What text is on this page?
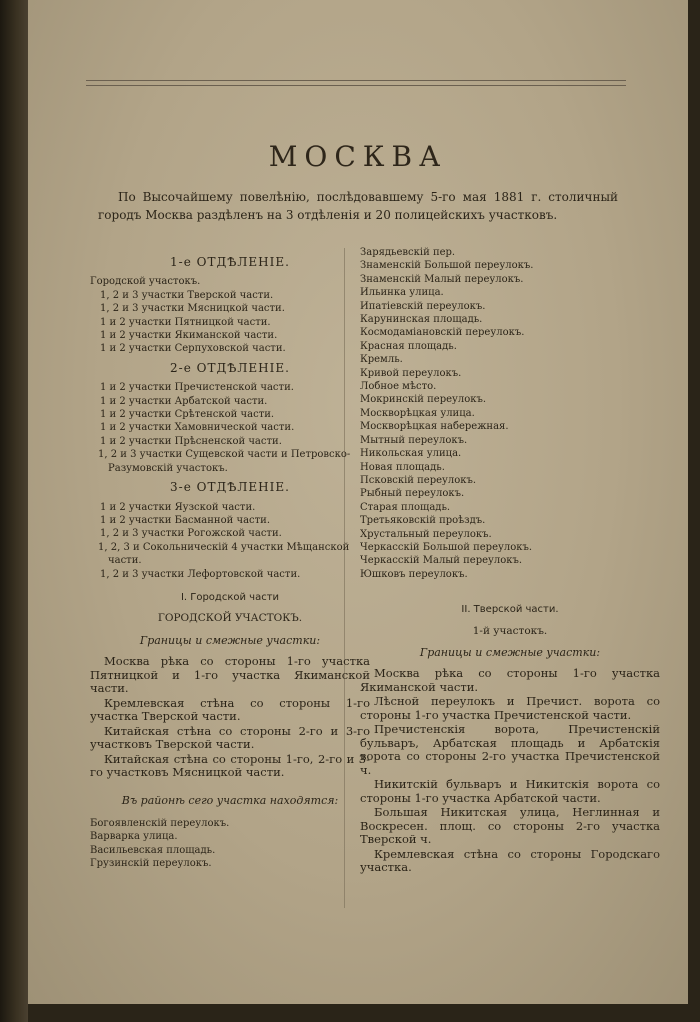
МОСКВА
По Высочайшему повелѣнію, послѣдовавшему 5-го мая 1881 г. столичный городъ Москва раздѣленъ на 3 отдѣленія и 20 полицейскихъ участковъ.
1-е ОТДѢЛЕНІЕ.
Городской участокъ.
1, 2 и 3 участки Тверской части.
1, 2 и 3 участки Мясницкой части.
1 и 2 участки Пятницкой части.
1 и 2 участки Якиманской части.
1 и 2 участки Серпуховской части.
2-е ОТДѢЛЕНІЕ.
1 и 2 участки Пречистенской части.
1 и 2 участки Арбатской части.
1 и 2 участки Срѣтенской части.
1 и 2 участки Хамовнической части.
1 и 2 участки Прѣсненской части.
1, 2 и 3 участки Сущевской части и Петровско-Разумовскій участокъ.
3-е ОТДѢЛЕНІЕ.
1 и 2 участки Яузской части.
1 и 2 участки Басманной части.
1, 2 и 3 участки Рогожской части.
1, 2, 3 и Сокольническій 4 участки Мѣщанской части.
1, 2 и 3 участки Лефортовской части.
I. Городской части
ГОРОДСКОЙ УЧАСТОКЪ.
Границы и смежные участки:

Москва рѣка со стороны 1-го участка Пятницкой и 1-го участка Якиманской части.

Кремлевская стѣна со стороны 1-го участка Тверской части.

Китайская стѣна со стороны 2-го и 3-го участковъ Тверской части.

Китайская стѣна со стороны 1-го, 2-го и 3-го участковъ Мясницкой части.

Въ районѣ сего участка находятся:
Богоявленскій переулокъ.
Варварка улица.
Васильевская площадь.
Грузинскій переулокъ.
Зарядьевскій пер.
Знаменскій Большой переулокъ.
Знаменскій Малый переулокъ.
Ильинка улица.
Ипатіевскій переулокъ.
Карунинская площадь.
Космодаміановскій переулокъ.
Красная площадь.
Кремль.
Кривой переулокъ.
Лобное мѣсто.
Мокринскій переулокъ.
Москворѣцкая улица.
Москворѣцкая набережная.
Мытный переулокъ.
Никольская улица.
Новая площадь.
Псковскій переулокъ.
Рыбный переулокъ.
Старая площадь.
Третьяковскій проѣздъ.
Хрустальный переулокъ.
Черкасскій Большой переулокъ.
Черкасскій Малый переулокъ.
Юшковъ переулокъ.
II. Тверской части.
1-й участокъ.
Границы и смежные участки:

Москва рѣка со стороны 1-го участка Якиманской части.

Лѣсной переулокъ и Пречист. ворота со стороны 1-го участка Пречистенской части.

Пречистенскія ворота, Пречистенскій бульваръ, Арбатская площадь и Арбатскія ворота со стороны 2-го участка Пречистенской ч.

Никитскій бульваръ и Никитскія ворота со стороны 1-го участка Арбатской части.

Большая Никитская улица, Неглинная и Воскресен. площ. со стороны 2-го участка Тверской ч.

Кремлевская стѣна со стороны Городскаго участка.
